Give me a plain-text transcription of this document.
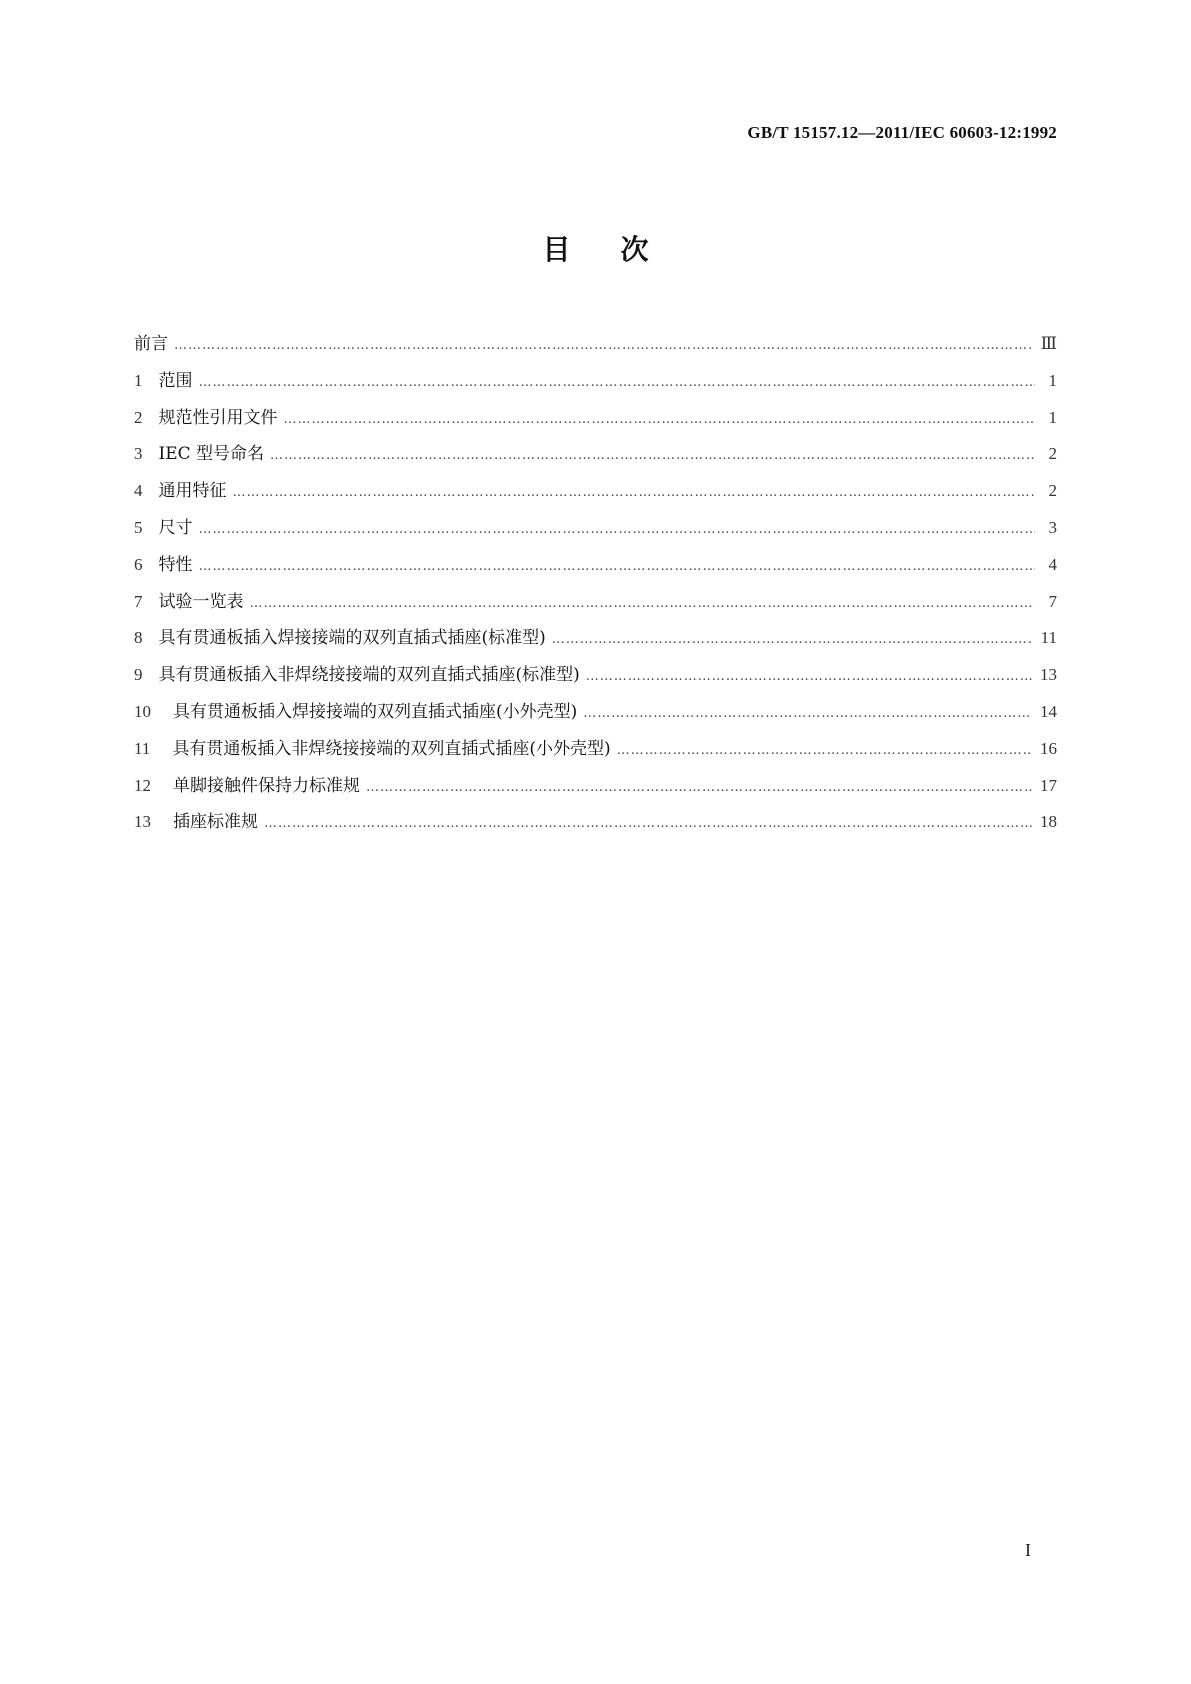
GB/T 15157.12—2011/IEC 60603-12:1992
目次
前言 ……………………………………………………………………………………………………………………………………………………………………………………………………………………………………………………………………	Ⅲ
1 范围 ……………………………………………………………………………………………………………………………………………………………………………………………………………………………………………………………………	1
2 规范性引用文件 ……………………………………………………………………………………………………………………………………………………………………………………………………………………………………………………………………	1
3 IEC 型号命名 ……………………………………………………………………………………………………………………………………………………………………………………………………………………………………………………………………	2
4 通用特征 ……………………………………………………………………………………………………………………………………………………………………………………………………………………………………………………………………	2
5 尺寸 ……………………………………………………………………………………………………………………………………………………………………………………………………………………………………………………………………	3
6 特性 ……………………………………………………………………………………………………………………………………………………………………………………………………………………………………………………………………	4
7 试验一览表 ……………………………………………………………………………………………………………………………………………………………………………………………………………………………………………………………………	7
8 具有贯通板插入焊接接端的双列直插式插座(标准型) ……………………………………………………………………………………………………………………………………………………………………………………………………………………………………………………………………	11
9 具有贯通板插入非焊绕接接端的双列直插式插座(标准型) ……………………………………………………………………………………………………………………………………………………………………………………………………………………………………………………………………	13
10 具有贯通板插入焊接接端的双列直插式插座(小外壳型) ……………………………………………………………………………………………………………………………………………………………………………………………………………………………………………………………………	14
11 具有贯通板插入非焊绕接接端的双列直插式插座(小外壳型) ……………………………………………………………………………………………………………………………………………………………………………………………………………………………………………………………………	16
12 单脚接触件保持力标准规 ……………………………………………………………………………………………………………………………………………………………………………………………………………………………………………………………………	17
13 插座标准规 ……………………………………………………………………………………………………………………………………………………………………………………………………………………………………………………………………	18
I
